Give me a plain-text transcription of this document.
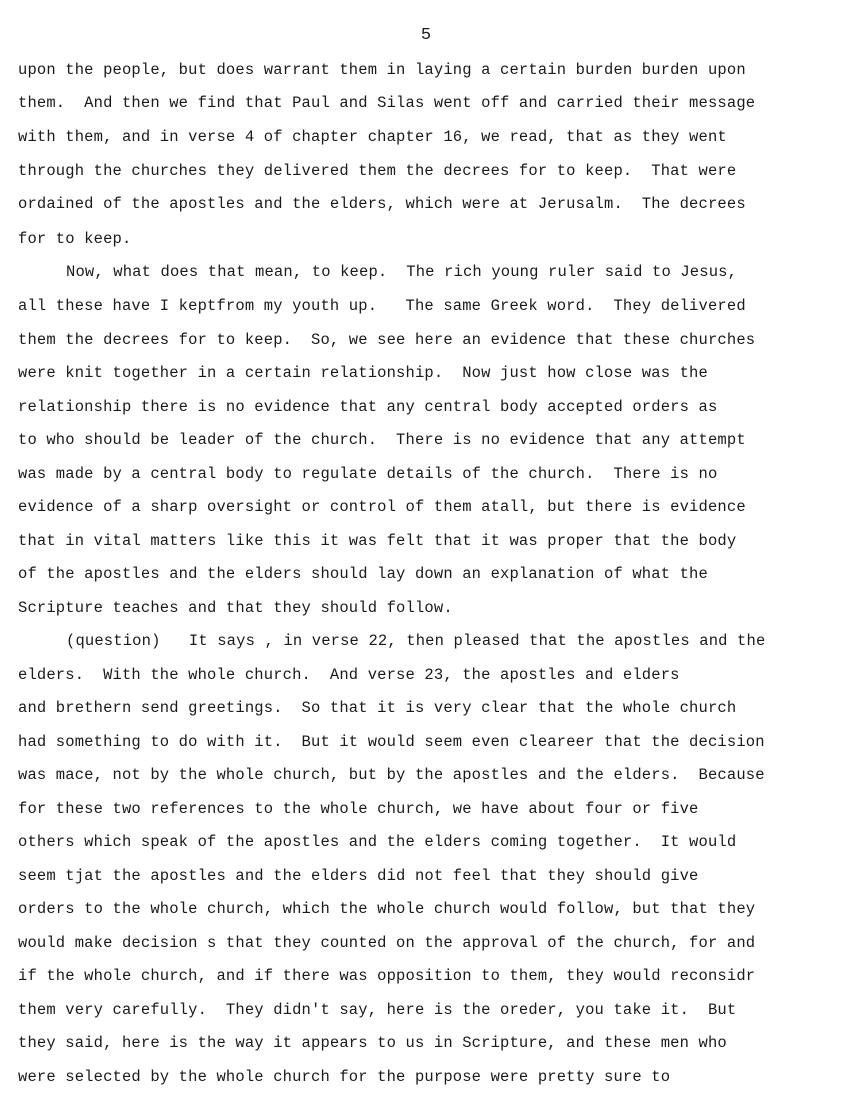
5
upon the people, but does warrant them in laying a certain burden burden upon
them.  And then we find that Paul and Silas went off and carried their message
with them, and in verse 4 of chapter chapter 16, we read, that as they went
through the churches they delivered them the decrees for to keep.  That were
ordained of the apostles and the elders, which were at Jerusalm.  The decrees
for to keep.
Now, what does that mean, to keep.  The rich young ruler said to Jesus,
all these have I keptfrom my youth up.   The same Greek word.  They delivered
them the decrees for to keep.  So, we see here an evidence that these churches
were knit together in a certain relationship.  Now just how close was the
relationship there is no evidence that any central body accepted orders as
to who should be leader of the church.  There is no evidence that any attempt
was made by a central body to regulate details of the church.  There is no
evidence of a sharp oversight or control of them atall, but there is evidence
that in vital matters like this it was felt that it was proper that the body
of the apostles and the elders should lay down an explanation of what the
Scripture teaches and that they should follow.
(question)   It says , in verse 22, then pleased that the apostles and the
elders.  With the whole church.  And verse 23, the apostles and elders
and brethern send greetings.  So that it is very clear that the whole church
had something to do with it.  But it would seem even cleareer that the decision
was mace, not by the whole church, but by the apostles and the elders.  Because
for these two references to the whole church, we have about four or five
others which speak of the apostles and the elders coming together.  It would
seem tjat the apostles and the elders did not feel that they should give
orders to the whole church, which the whole church would follow, but that they
would make decision s that they counted on the approval of the church, for and
if the whole church, and if there was opposition to them, they would reconsidr
them very carefully.  They didn't say, here is the oreder, you take it.  But
they said, here is the way it appears to us in Scripture, and these men who
were selected by the whole church for the purpose were pretty sure to
